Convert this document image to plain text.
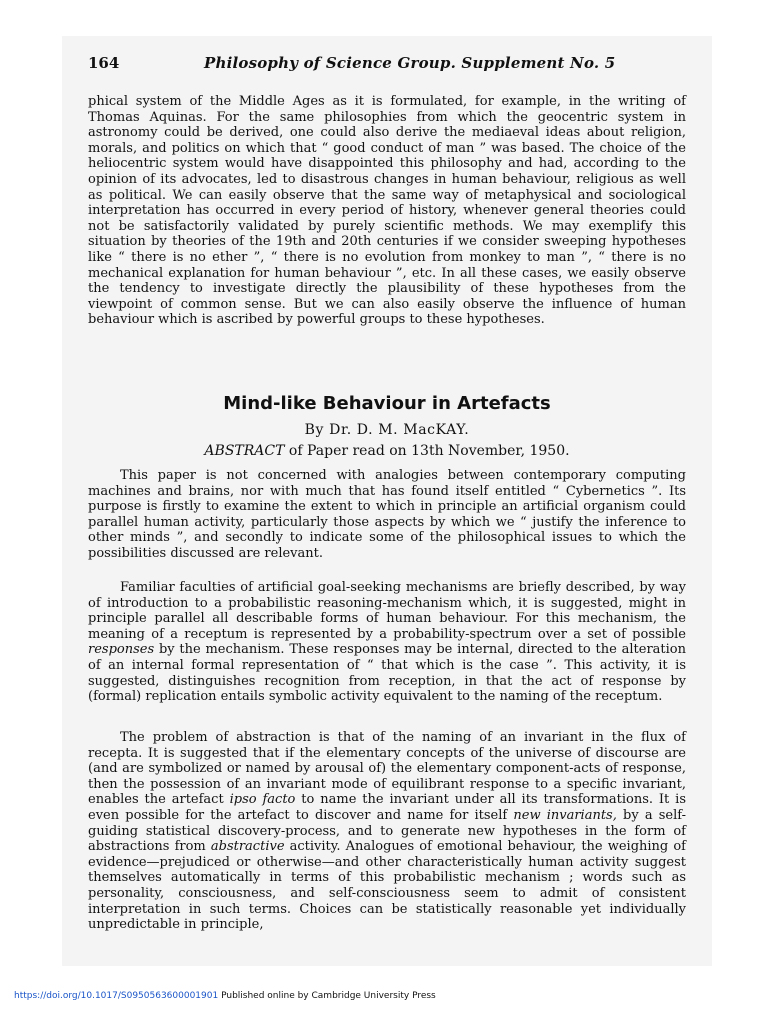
164	Philosophy of Science Group. Supplement No. 5

phical system of the Middle Ages as it is formulated, for example, in the writing of Thomas Aquinas. For the same philosophies from which the geocentric system in astronomy could be derived, one could also derive the mediaeval ideas about religion, morals, and politics on which that “ good conduct of man ” was based. The choice of the heliocentric system would have disappointed this philosophy and had, according to the opinion of its advocates, led to disastrous changes in human behaviour, religious as well as political. We can easily observe that the same way of metaphysical and sociological interpretation has occurred in every period of history, whenever general theories could not be satisfactorily validated by purely scientific methods. We may exemplify this situation by theories of the 19th and 20th centuries if we consider sweeping hypotheses like “ there is no ether ”, “ there is no evolution from monkey to man ”, “ there is no mechanical explanation for human behaviour ”, etc. In all these cases, we easily observe the tendency to investigate directly the plausibility of these hypotheses from the viewpoint of common sense. But we can also easily observe the influence of human behaviour which is ascribed by powerful groups to these hypotheses.

Mind-like Behaviour in Artefacts
By Dr. D. M. MacKAY.
ABSTRACT of Paper read on 13th November, 1950.

This paper is not concerned with analogies between contemporary computing machines and brains, nor with much that has found itself entitled “ Cybernetics ”. Its purpose is firstly to examine the extent to which in principle an artificial organism could parallel human activity, particularly those aspects by which we “ justify the inference to other minds ”, and secondly to indicate some of the philosophical issues to which the possibilities discussed are relevant.

Familiar faculties of artificial goal-seeking mechanisms are briefly described, by way of introduction to a probabilistic reasoning-mechanism which, it is suggested, might in principle parallel all describable forms of human behaviour. For this mechanism, the meaning of a receptum is represented by a probability-spectrum over a set of possible responses by the mechanism. These responses may be internal, directed to the alteration of an internal formal representation of “ that which is the case ”. This activity, it is suggested, distinguishes recognition from reception, in that the act of response by (formal) replication entails symbolic activity equivalent to the naming of the receptum.

The problem of abstraction is that of the naming of an invariant in the flux of recepta. It is suggested that if the elementary concepts of the universe of discourse are (and are symbolized or named by arousal of) the elementary component-acts of response, then the possession of an invariant mode of equilibrant response to a specific invariant, enables the artefact ipso facto to name the invariant under all its transformations. It is even possible for the artefact to discover and name for itself new invariants, by a self-guiding statistical discovery-process, and to generate new hypotheses in the form of abstractions from abstractive activity. Analogues of emotional behaviour, the weighing of evidence—prejudiced or otherwise—and other characteristically human activity suggest themselves automatically in terms of this probabilistic mechanism ; words such as personality, consciousness, and self-consciousness seem to admit of consistent interpretation in such terms. Choices can be statistically reasonable yet individually unpredictable in principle,

https://doi.org/10.1017/S0950563600001901 Published online by Cambridge University Press
